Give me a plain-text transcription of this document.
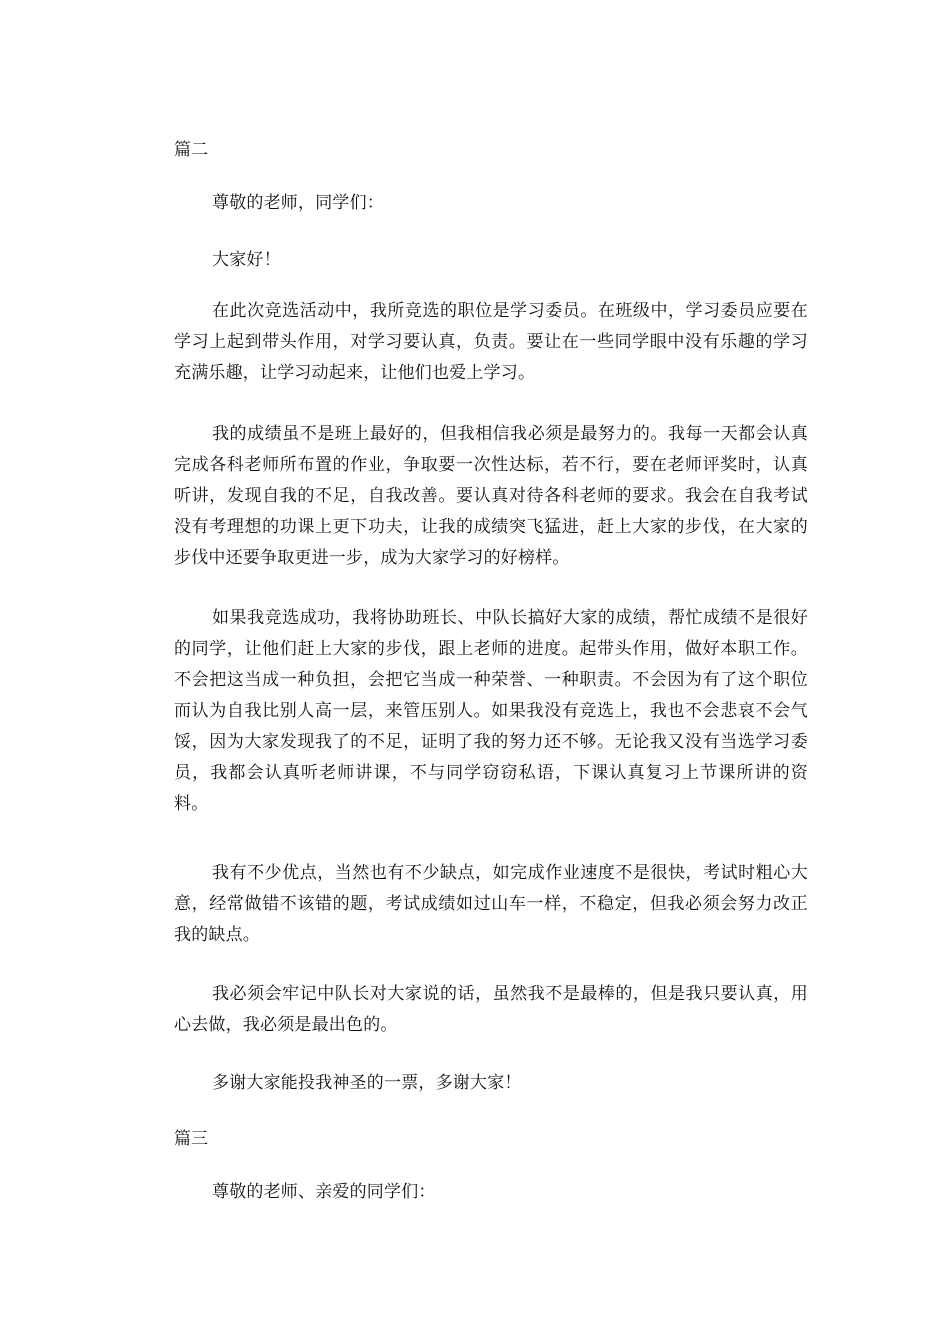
篇二

尊敬的老师，同学们：

大家好！

在此次竞选活动中，我所竞选的职位是学习委员。在班级中，学习委员应要在学习上起到带头作用，对学习要认真，负责。要让在一些同学眼中没有乐趣的学习充满乐趣，让学习动起来，让他们也爱上学习。

我的成绩虽不是班上最好的，但我相信我必须是最努力的。我每一天都会认真完成各科老师所布置的作业，争取要一次性达标，若不行，要在老师评奖时，认真听讲，发现自我的不足，自我改善。要认真对待各科老师的要求。我会在自我考试没有考理想的功课上更下功夫，让我的成绩突飞猛进，赶上大家的步伐，在大家的步伐中还要争取更进一步，成为大家学习的好榜样。

如果我竞选成功，我将协助班长、中队长搞好大家的成绩，帮忙成绩不是很好的同学，让他们赶上大家的步伐，跟上老师的进度。起带头作用，做好本职工作。不会把这当成一种负担，会把它当成一种荣誉、一种职责。不会因为有了这个职位而认为自我比别人高一层，来管压别人。如果我没有竞选上，我也不会悲哀不会气馁，因为大家发现我了的不足，证明了我的努力还不够。无论我又没有当选学习委员，我都会认真听老师讲课，不与同学窃窃私语，下课认真复习上节课所讲的资料。

我有不少优点，当然也有不少缺点，如完成作业速度不是很快，考试时粗心大意，经常做错不该错的题，考试成绩如过山车一样，不稳定，但我必须会努力改正我的缺点。

我必须会牢记中队长对大家说的话，虽然我不是最棒的，但是我只要认真，用心去做，我必须是最出色的。

多谢大家能投我神圣的一票，多谢大家！

篇三

尊敬的老师、亲爱的同学们：
